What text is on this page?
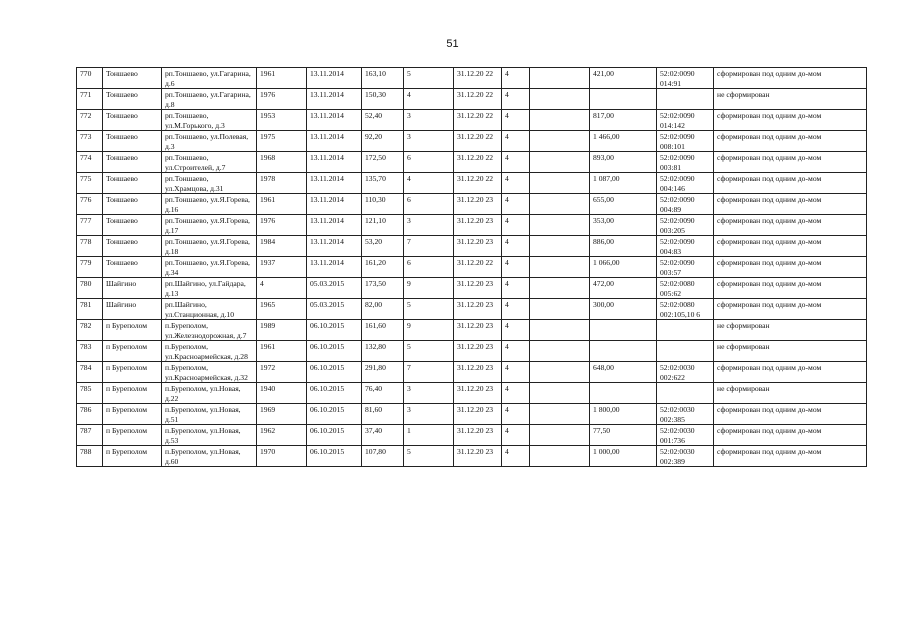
51
770	Тоншаево	рп.Тоншаево, ул.Гагарина, д.6	1961	13.11.2014	163,10	5	31.12.20 22	4		421,00	52:02:0090 014:91	сформирован под одним до-мом
771	Тоншаево	рп.Тоншаево, ул.Гагарина, д.8	1976	13.11.2014	150,30	4	31.12.20 22	4				не сформирован
772	Тоншаево	рп.Тоншаево, ул.М.Горького, д.3	1953	13.11.2014	52,40	3	31.12.20 22	4		817,00	52:02:0090 014:142	сформирован под одним до-мом
773	Тоншаево	рп.Тоншаево, ул.Полевая, д.3	1975	13.11.2014	92,20	3	31.12.20 22	4		1 466,00	52:02:0090 008:101	сформирован под одним до-мом
774	Тоншаево	рп.Тоншаево, ул.Строителей, д.7	1968	13.11.2014	172,50	6	31.12.20 22	4		893,00	52:02:0090 003:81	сформирован под одним до-мом
775	Тоншаево	рп.Тоншаево, ул.Храмцова, д.31	1978	13.11.2014	135,70	4	31.12.20 22	4		1 087,00	52:02:0090 004:146	сформирован под одним до-мом
776	Тоншаево	рп.Тоншаево, ул.Я.Горева, д.16	1961	13.11.2014	110,30	6	31.12.20 23	4		655,00	52:02:0090 004:89	сформирован под одним до-мом
777	Тоншаево	рп.Тоншаево, ул.Я.Горева, д.17	1976	13.11.2014	121,10	3	31.12.20 23	4		353,00	52:02:0090 003:205	сформирован под одним до-мом
778	Тоншаево	рп.Тоншаево, ул.Я.Горева, д.18	1984	13.11.2014	53,20	7	31.12.20 23	4		886,00	52:02:0090 004:83	сформирован под одним до-мом
779	Тоншаево	рп.Тоншаево, ул.Я.Горева, д.34	1937	13.11.2014	161,20	6	31.12.20 22	4		1 066,00	52:02:0090 003:57	сформирован под одним до-мом
780	Шайгино	рп.Шайгино, ул.Гайдара, д.13	4	05.03.2015	173,50	9	31.12.20 23	4		472,00	52:02:0080 005:62	сформирован под одним до-мом
781	Шайгино	рп.Шайгино, ул.Станционная, д.10	1965	05.03.2015	82,00	5	31.12.20 23	4		300,00	52:02:0080 002:105,10 6	сформирован под одним до-мом
782	п Буреполом	п.Буреполом, ул.Железнодорожная, д.7	1989	06.10.2015	161,60	9	31.12.20 23	4				не сформирован
783	п Буреполом	п.Буреполом, ул.Красноармейская, д.28	1961	06.10.2015	132,80	5	31.12.20 23	4				не сформирован
784	п Буреполом	п.Буреполом, ул.Красноармейская, д.32	1972	06.10.2015	291,80	7	31.12.20 23	4		648,00	52:02:0030 002:622	сформирован под одним до-мом
785	п Буреполом	п.Буреполом, ул.Новая, д.22	1940	06.10.2015	76,40	3	31.12.20 23	4				не сформирован
786	п Буреполом	п.Буреполом, ул.Новая, д.51	1969	06.10.2015	81,60	3	31.12.20 23	4		1 800,00	52:02:0030 002:385	сформирован под одним до-мом
787	п Буреполом	п.Буреполом, ул.Новая, д.53	1962	06.10.2015	37,40	1	31.12.20 23	4		77,50	52:02:0030 001:736	сформирован под одним до-мом
788	п Буреполом	п.Буреполом, ул.Новая, д.60	1970	06.10.2015	107,80	5	31.12.20 23	4		1 000,00	52:02:0030 002:389	сформирован под одним до-мом
